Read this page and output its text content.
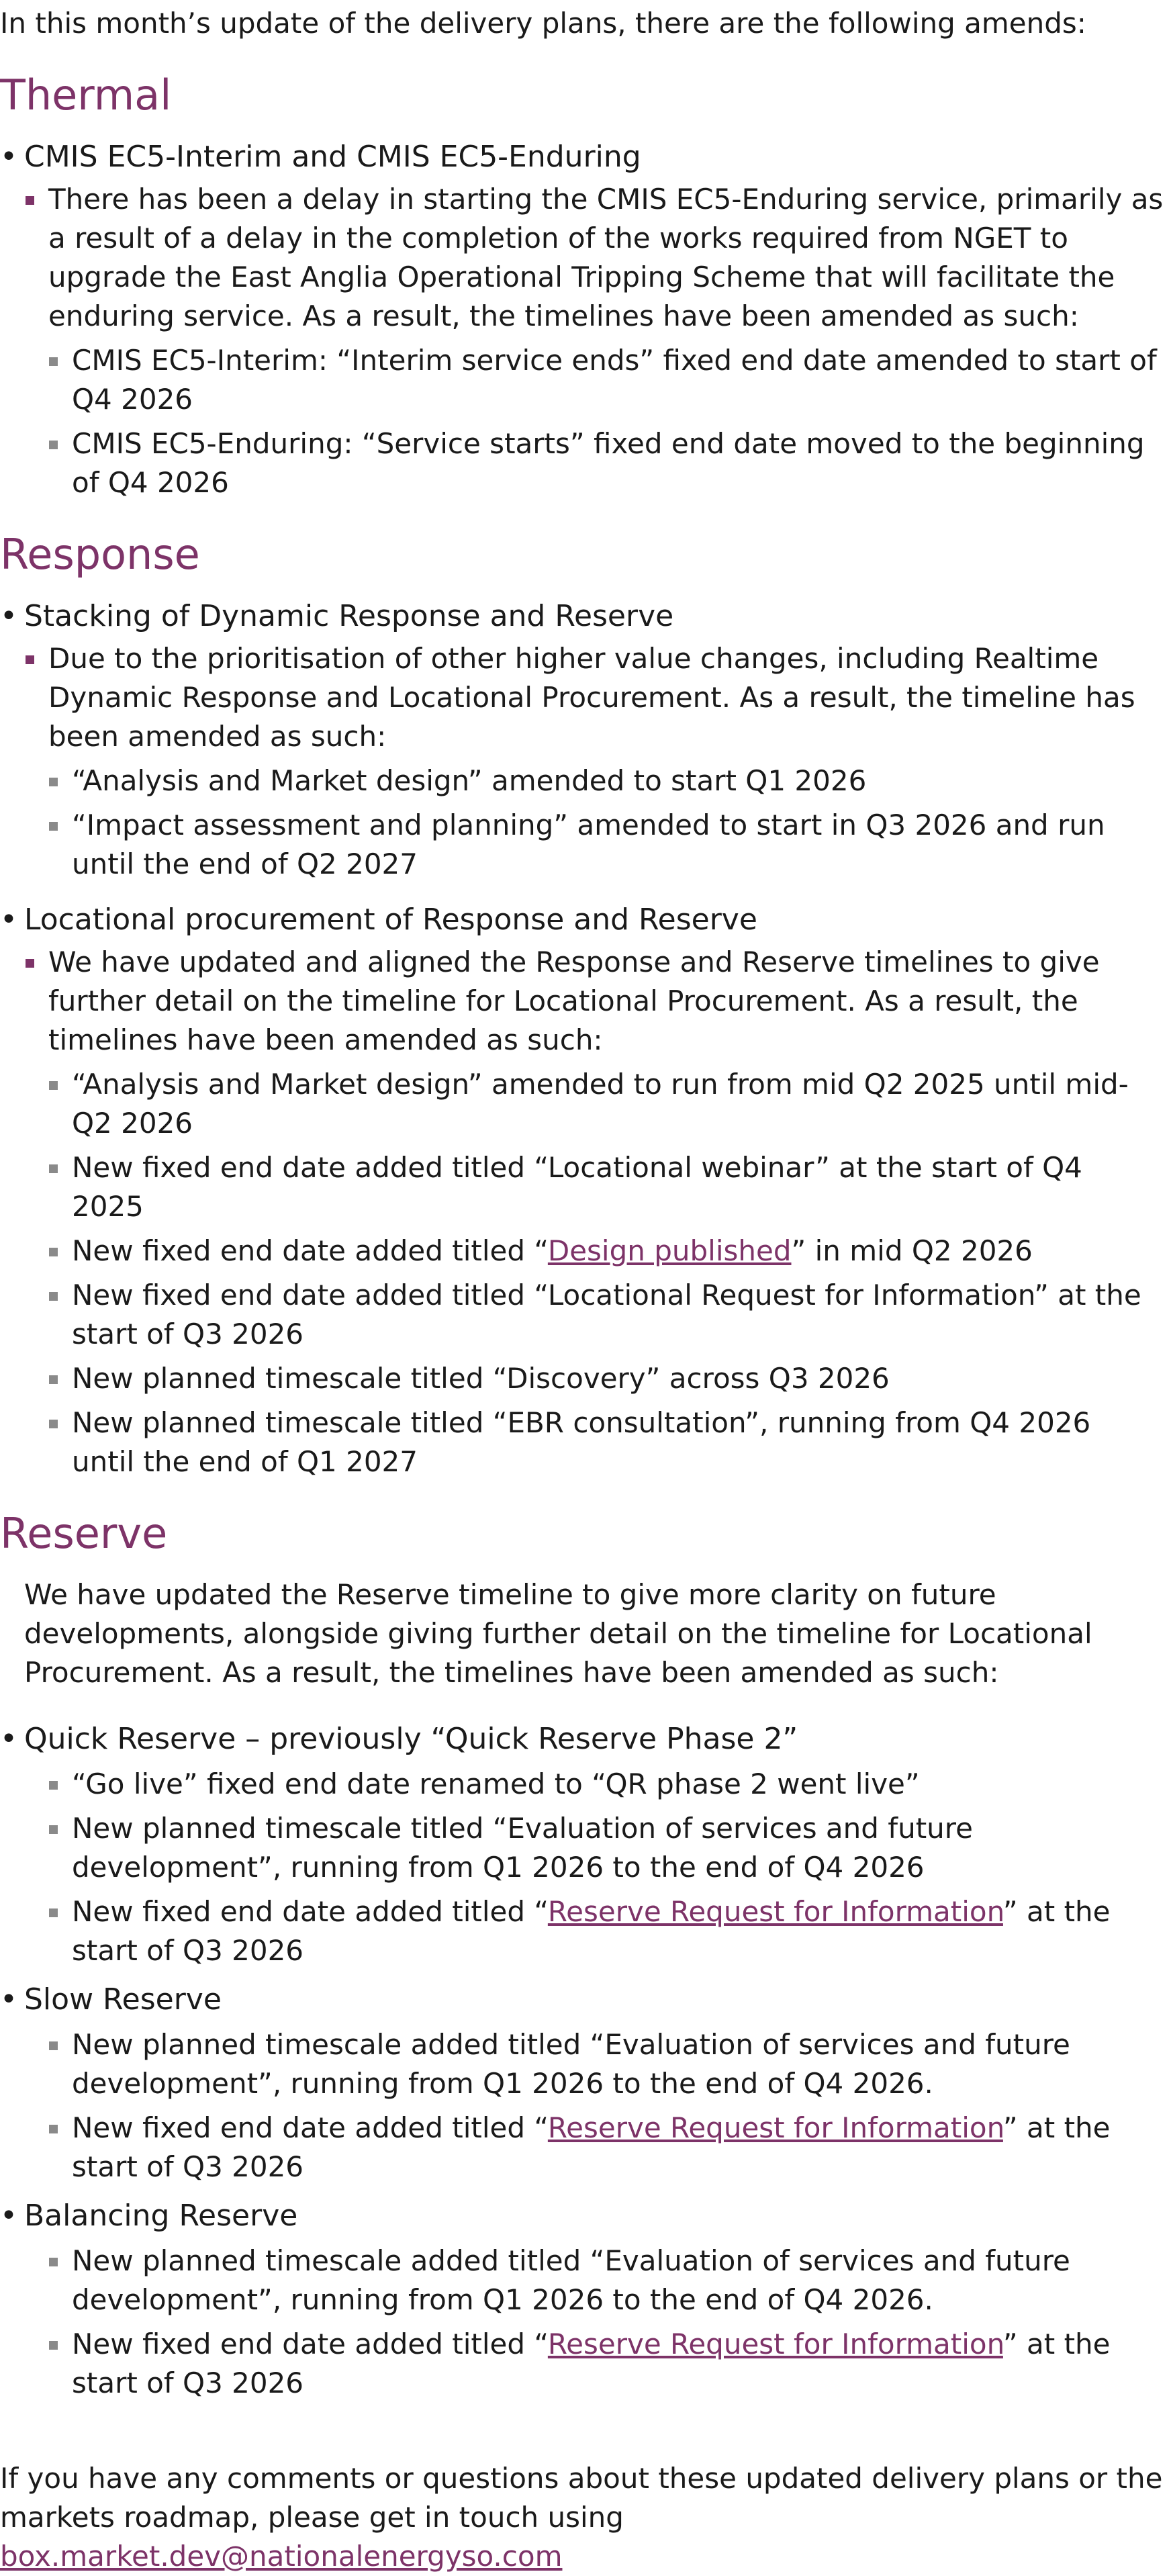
In this month’s update of the delivery plans, there are the following amends:

Thermal
• CMIS EC5-Interim and CMIS EC5-Enduring
There has been a delay in starting the CMIS EC5-Enduring service, primarily as a result of a delay in the completion of the works required from NGET to upgrade the East Anglia Operational Tripping Scheme that will facilitate the enduring service. As a result, the timelines have been amended as such:
CMIS EC5-Interim: “Interim service ends” fixed end date amended to start of Q4 2026
CMIS EC5-Enduring: “Service starts” fixed end date moved to the beginning of Q4 2026
Response
• Stacking of Dynamic Response and Reserve
Due to the prioritisation of other higher value changes, including Realtime Dynamic Response and Locational Procurement. As a result, the timeline has been amended as such:
“Analysis and Market design” amended to start Q1 2026
“Impact assessment and planning” amended to start in Q3 2026 and run until the end of Q2 2027
• Locational procurement of Response and Reserve
We have updated and aligned the Response and Reserve timelines to give further detail on the timeline for Locational Procurement. As a result, the timelines have been amended as such:
“Analysis and Market design” amended to run from mid Q2 2025 until mid-Q2 2026
New fixed end date added titled “Locational webinar” at the start of Q4 2025
New fixed end date added titled “Design published” in mid Q2 2026
New fixed end date added titled “Locational Request for Information” at the start of Q3 2026
New planned timescale titled “Discovery” across Q3 2026
New planned timescale titled “EBR consultation”, running from Q4 2026 until the end of Q1 2027
Reserve

We have updated the Reserve timeline to give more clarity on future developments, alongside giving further detail on the timeline for Locational Procurement. As a result, the timelines have been amended as such:

• Quick Reserve – previously “Quick Reserve Phase 2”
“Go live” fixed end date renamed to “QR phase 2 went live”
New planned timescale titled “Evaluation of services and future development”, running from Q1 2026 to the end of Q4 2026
New fixed end date added titled “Reserve Request for Information” at the start of Q3 2026
• Slow Reserve
New planned timescale added titled “Evaluation of services and future development”, running from Q1 2026 to the end of Q4 2026.
New fixed end date added titled “Reserve Request for Information” at the start of Q3 2026
• Balancing Reserve
New planned timescale added titled “Evaluation of services and future development”, running from Q1 2026 to the end of Q4 2026.
New fixed end date added titled “Reserve Request for Information” at the start of Q3 2026

If you have any comments or questions about these updated delivery plans or the markets roadmap, please get in touch using box.market.dev@nationalenergyso.com
